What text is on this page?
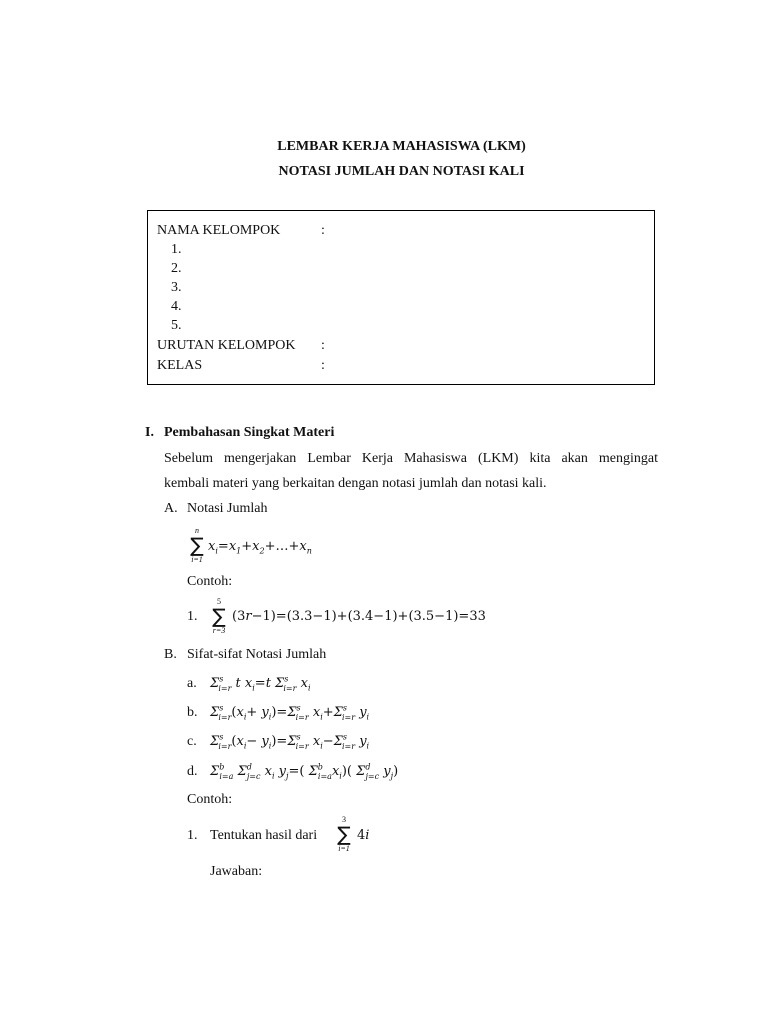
LEMBAR KERJA MAHASISWA (LKM)
NOTASI JUMLAH DAN NOTASI KALI
NAMA KELOMPOK	:
1.
2.
3.
4.
5.
URUTAN KELOMPOK :
KELAS	:
I. Pembahasan Singkat Materi
Sebelum mengerjakan Lembar Kerja Mahasiswa (LKM) kita akan mengingat
kembali materi yang berkaitan dengan notasi jumlah dan notasi kali.
A. Notasi Jumlah
n
∑
i=1
$x_i=x_1+x_2+\dots+x_n$
Contoh:
1.
5
∑
r=3
(3r−1)=(3.3−1)+(3.4−1)+(3.5−1)=33
B. Sifat-sifat Notasi Jumlah
a. $\Sigma^s_{i=r}$ t $x_i=t$ $\Sigma^s_{i=r}$ $x_i$
b. $\Sigma^s_{i=r}(x_i+ y_i)=\Sigma^s_{i=r}$ $x_i+\Sigma^s_{i=r}$ $y_i$
c. $\Sigma^s_{i=r}(x_i- y_i)=\Sigma^s_{i=r}$ $x_i-\Sigma^s_{i=r}$ $y_i$
d. $\Sigma^b_{i=a}$ $\Sigma^d_{j=c}$ $x_i$ $y_j=$( $\Sigma^b_{i=a}x_i$)( $\Sigma^d_{j=c}$ $y_j$)
Contoh:
1. Tentukan hasil dari
3
∑
i=1
4i
Jawaban:
